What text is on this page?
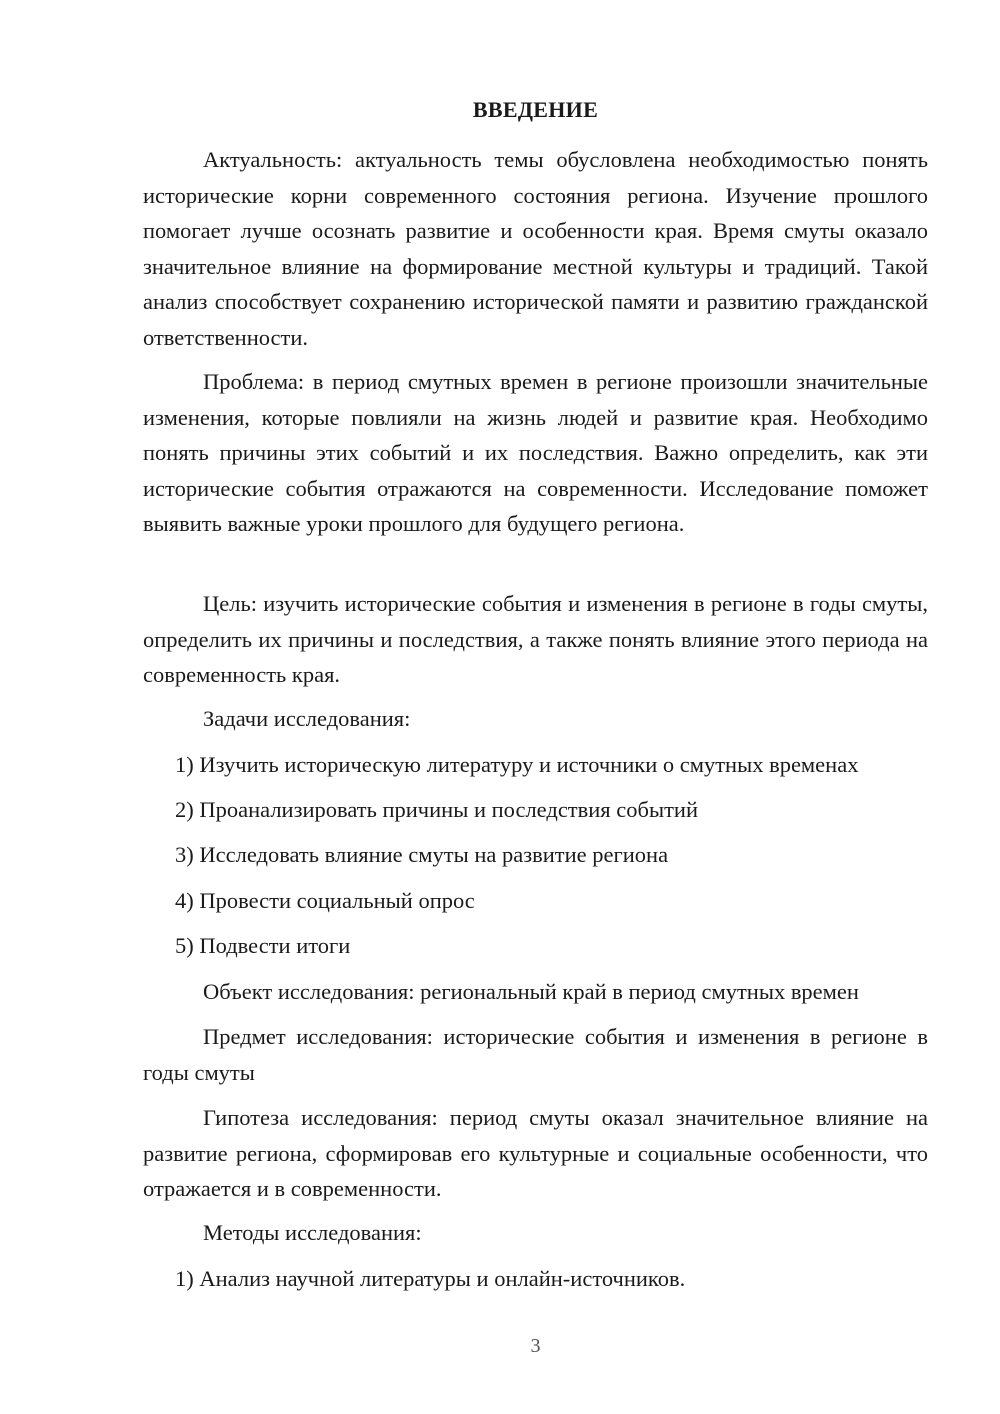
ВВЕДЕНИЕ
Актуальность: актуальность темы обусловлена необходимостью понять исторические корни современного состояния региона. Изучение прошлого помогает лучше осознать развитие и особенности края. Время смуты оказало значительное влияние на формирование местной культуры и традиций. Такой анализ способствует сохранению исторической памяти и развитию гражданской ответственности.
Проблема: в период смутных времен в регионе произошли значительные изменения, которые повлияли на жизнь людей и развитие края. Необходимо понять причины этих событий и их последствия. Важно определить, как эти исторические события отражаются на современности. Исследование поможет выявить важные уроки прошлого для будущего региона.
Цель: изучить исторические события и изменения в регионе в годы смуты, определить их причины и последствия, а также понять влияние этого периода на современность края.
Задачи исследования:
1) Изучить историческую литературу и источники о смутных временах
2) Проанализировать причины и последствия событий
3) Исследовать влияние смуты на развитие региона
4) Провести социальный опрос
5) Подвести итоги
Объект исследования: региональный край в период смутных времен
Предмет исследования: исторические события и изменения в регионе в годы смуты
Гипотеза исследования: период смуты оказал значительное влияние на развитие региона, сформировав его культурные и социальные особенности, что отражается и в современности.
Методы исследования:
1) Анализ научной литературы и онлайн-источников.
3
